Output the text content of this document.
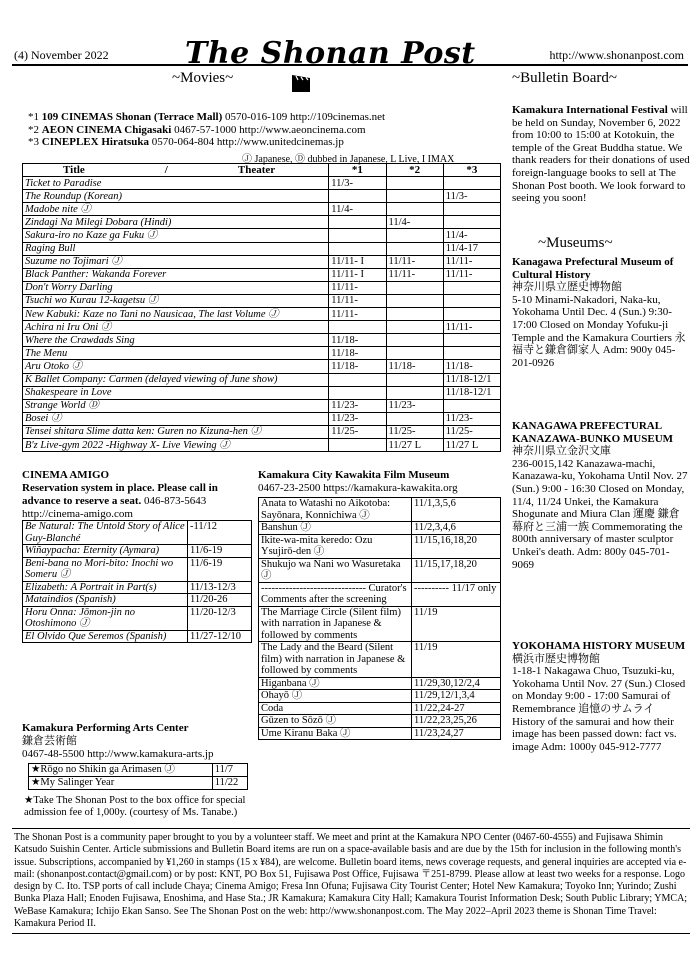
(4) November 2022	The Shonan Post	http://www.shonanpost.com
~Movies~
*1 109 CINEMAS Shonan (Terrace Mall) 0570-016-109 http://109cinemas.net
*2 AEON CINEMA Chigasaki 0467-57-1000 http://www.aeoncinema.com
*3 CINEPLEX Hiratsuka 0570-064-804 http://www.unitedcinemas.jp
Ⓙ Japanese, Ⓓ dubbed in Japanese, L Live, I IMAX
Title / Theater	*1	*2	*3
Ticket to Paradise	11/3-		
The Roundup (Korean)			11/3-
Madobe nite Ⓙ	11/4-		
Zindagi Na Milegi Dobara (Hindi)		11/4-	
Sakura-iro no Kaze ga Fuku Ⓙ			11/4-
Raging Bull			11/4-17
Suzume no Tojimari Ⓙ	11/11- I	11/11-	11/11-
Black Panther: Wakanda Forever	11/11- I	11/11-	11/11-
Don't Worry Darling	11/11-		
Tsuchi wo Kurau 12-kagetsu Ⓙ	11/11-		
New Kabuki: Kaze no Tani no Nausicaa, The last Volume Ⓙ	11/11-		
Achira ni Iru Oni Ⓙ			11/11-
Where the Crawdads Sing	11/18-		
The Menu	11/18-		
Aru Otoko Ⓙ	11/18-	11/18-	11/18-
K Ballet Company: Carmen (delayed viewing of June show)			11/18-12/1
Shakespeare in Love			11/18-12/1
Strange World Ⓓ	11/23-	11/23-	
Bosei Ⓙ	11/23-		11/23-
Tensei shitara Slime datta ken: Guren no Kizuna-hen Ⓙ	11/25-	11/25-	11/25-
B'z Live-gym 2022 -Highway X- Live Viewing Ⓙ		11/27 L	11/27 L
CINEMA AMIGO
Reservation system in place. Please call in advance to reserve a seat. 046-873-5643
http://cinema-amigo.com
Be Natural: The Untold Story of Alice Guy-Blanché	-11/12
Wiñaypacha: Eternity (Aymara)	11/6-19
Beni-bana no Mori-bito: Inochi wo Someru Ⓙ	11/6-19
Elizabeth: A Portrait in Part(s)	11/13-12/3
Mataindios (Spanish)	11/20-26
Horu Onna: Jōmon-jin no Otoshimono Ⓙ	11/20-12/3
El Olvido Que Seremos (Spanish)	11/27-12/10
Kamakura Performing Arts Center
鎌倉芸術館
0467-48-5500 http://www.kamakura-arts.jp
★Rōgo no Shikin ga Arimasen Ⓙ	11/7
★My Salinger Year	11/22
★Take The Shonan Post to the box office for special admission fee of 1,000y. (courtesy of Ms. Tanabe.)
Kamakura City Kawakita Film Museum
0467-23-2500 https://kamakura-kawakita.org
Anata to Watashi no Aikotoba: Sayōnara, Konnichiwa Ⓙ	11/1,3,5,6
Banshun Ⓙ	11/2,3,4,6
Ikite-wa-mita keredo: Ozu Ysujirō-den Ⓙ	11/15,16,18,20
Shukujo wa Nani wo Wasuretaka Ⓙ	11/15,17,18,20
------------------------------ Curator's Comments after the screening	---------- 11/17 only
The Marriage Circle (Silent film) with narration in Japanese & followed by comments	11/19
The Lady and the Beard (Silent film) with narration in Japanese & followed by comments	11/19
Higanbana Ⓙ	11/29,30,12/2,4
Ohayō Ⓙ	11/29,12/1,3,4
Coda	11/22,24-27
Gūzen to Sōzō Ⓙ	11/22,23,25,26
Ume Kiranu Baka Ⓙ	11/23,24,27
~Bulletin Board~
Kamakura International Festival will be held on Sunday, November 6, 2022 from 10:00 to 15:00 at Kotokuin, the temple of the Great Buddha statue. We thank readers for their donations of used foreign-language books to sell at The Shonan Post booth. We look forward to seeing you soon!
~Museums~
Kanagawa Prefectural Museum of Cultural History
神奈川県立歴史博物館
5-10 Minami-Nakadori, Naka-ku, Yokohama Until Dec. 4 (Sun.) 9:30-17:00 Closed on Monday Yofuku-ji Temple and the Kamakura Courtiers 永福寺と鎌倉御家人 Adm: 900y 045-201-0926
KANAGAWA PREFECTURAL KANAZAWA-BUNKO MUSEUM
神奈川県立金沢文庫
236-0015,142 Kanazawa-machi, Kanazawa-ku, Yokohama Until Nov. 27 (Sun.) 9:00 - 16:30 Closed on Monday, 11/4, 11/24 Unkei, the Kamakura Shogunate and Miura Clan 運慶 鎌倉幕府と三浦一族 Commemorating the 800th anniversary of master sculptor Unkei's death. Adm: 800y 045-701-9069
YOKOHAMA HISTORY MUSEUM
横浜市歴史博物館
1-18-1 Nakagawa Chuo, Tsuzuki-ku, Yokohama Until Nov. 27 (Sun.) Closed on Monday 9:00 - 17:00 Samurai of Remembrance 追憶のサムライ History of the samurai and how their image has been passed down: fact vs. image Adm: 1000y 045-912-7777
The Shonan Post is a community paper brought to you by a volunteer staff. We meet and print at the Kamakura NPO Center (0467-60-4555) and Fujisawa Shimin Katsudo Suishin Center. Article submissions and Bulletin Board items are run on a space-available basis and are due by the 15th for inclusion in the following month's issue. Subscriptions, accompanied by ¥1,260 in stamps (15 x ¥84), are welcome. Bulletin board items, news coverage requests, and general inquiries are accepted via e-mail: (shonanpost.contact@gmail.com) or by post: KNT, PO Box 51, Fujisawa Post Office, Fujisawa 〒251-8799. Please allow at least two weeks for a response. Logo design by C. Ito. TSP ports of call include Chaya; Cinema Amigo; Fresa Inn Ofuna; Fujisawa City Tourist Center; Hotel New Kamakura; Toyoko Inn; Yurindo; Zushi Bunka Plaza Hall; Enoden Fujisawa, Enoshima, and Hase Sta.; JR Kamakura; Kamakura City Hall; Kamakura Tourist Information Desk; South Public Library; YMCA; WeBase Kamakura; Ichijo Ekan Sanso. See The Shonan Post on the web: http://www.shonanpost.com. The May 2022–April 2023 theme is Shonan Time Travel: Kamakura Period II.
